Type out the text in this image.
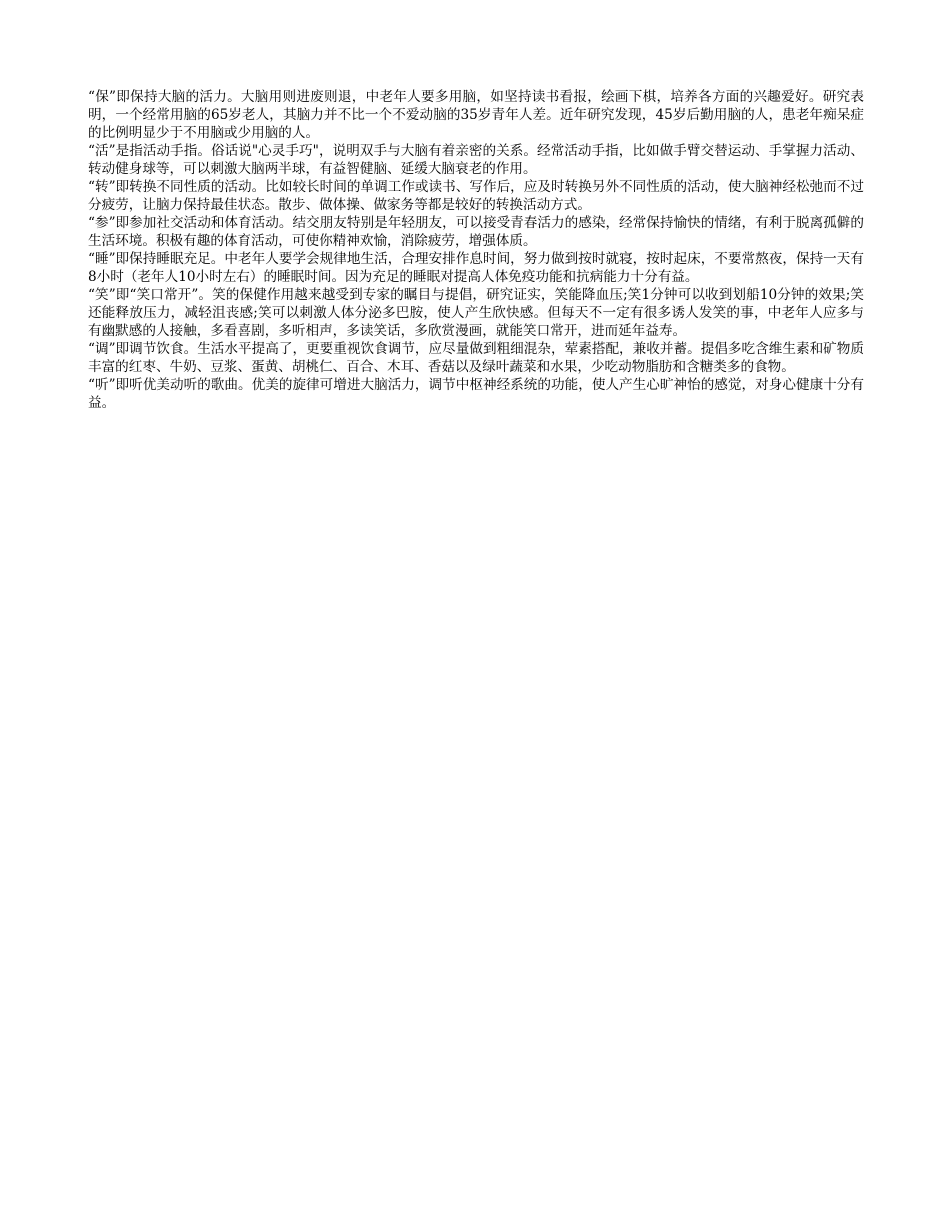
“保”即保持大脑的活力。大脑用则进废则退，中老年人要多用脑，如坚持读书看报，绘画下棋，培养各方面的兴趣爱好。研究表明，一个经常用脑的65岁老人，其脑力并不比一个不爱动脑的35岁青年人差。近年研究发现，45岁后勤用脑的人，患老年痴呆症的比例明显少于不用脑或少用脑的人。

“活”是指活动手指。俗话说"心灵手巧"，说明双手与大脑有着亲密的关系。经常活动手指，比如做手臂交替运动、手掌握力活动、转动健身球等，可以刺激大脑两半球，有益智健脑、延缓大脑衰老的作用。

“转”即转换不同性质的活动。比如较长时间的单调工作或读书、写作后，应及时转换另外不同性质的活动，使大脑神经松弛而不过分疲劳，让脑力保持最佳状态。散步、做体操、做家务等都是较好的转换活动方式。

“参”即参加社交活动和体育活动。结交朋友特别是年轻朋友，可以接受青春活力的感染，经常保持愉快的情绪，有利于脱离孤僻的生活环境。积极有趣的体育活动，可使你精神欢愉，消除疲劳，增强体质。

“睡”即保持睡眠充足。中老年人要学会规律地生活，合理安排作息时间，努力做到按时就寝，按时起床，不要常熬夜，保持一天有8小时（老年人10小时左右）的睡眠时间。因为充足的睡眠对提高人体免疫功能和抗病能力十分有益。

“笑”即“笑口常开”。笑的保健作用越来越受到专家的瞩目与提倡，研究证实，笑能降血压;笑1分钟可以收到划船10分钟的效果;笑还能释放压力，减轻沮丧感;笑可以刺激人体分泌多巴胺，使人产生欣快感。但每天不一定有很多诱人发笑的事，中老年人应多与有幽默感的人接触，多看喜剧，多听相声，多读笑话，多欣赏漫画，就能笑口常开，进而延年益寿。

“调”即调节饮食。生活水平提高了，更要重视饮食调节，应尽量做到粗细混杂，荤素搭配，兼收并蓄。提倡多吃含维生素和矿物质丰富的红枣、牛奶、豆浆、蛋黄、胡桃仁、百合、木耳、香菇以及绿叶蔬菜和水果，少吃动物脂肪和含糖类多的食物。

“听”即听优美动听的歌曲。优美的旋律可增进大脑活力，调节中枢神经系统的功能，使人产生心旷神怡的感觉，对身心健康十分有益。
